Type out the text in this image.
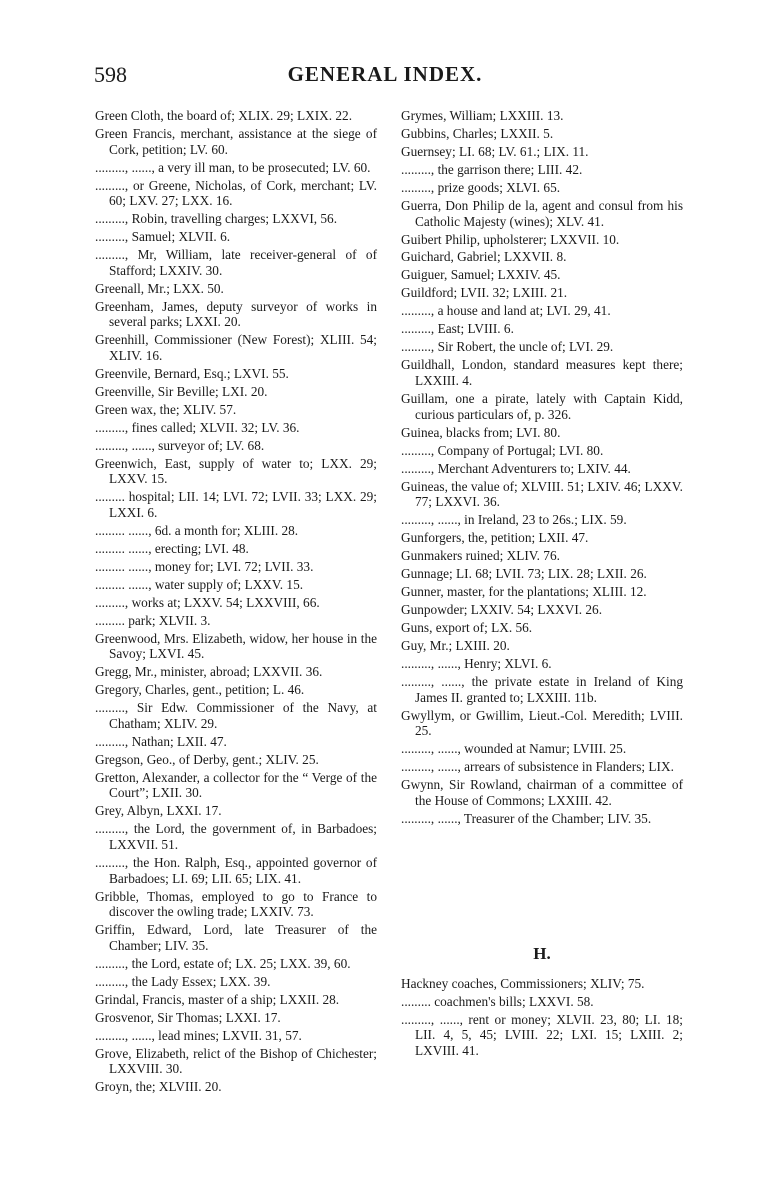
598	GENERAL INDEX.

Green Cloth, the board of; XLIX. 29; LXIX. 22.

Green Francis, merchant, assistance at the siege of Cork, petition; LV. 60.

........., ......, a very ill man, to be prosecuted; LV. 60.

........., or Greene, Nicholas, of Cork, merchant; LV. 60; LXV. 27; LXX. 16.

........., Robin, travelling charges; LXXVI, 56.

........., Samuel; XLVII. 6.

........., Mr, William, late receiver-general of of Stafford; LXXIV. 30.

Greenall, Mr.; LXX. 50.

Greenham, James, deputy surveyor of works in several parks; LXXI. 20.

Greenhill, Commissioner (New Forest); XLIII. 54; XLIV. 16.

Greenvile, Bernard, Esq.; LXVI. 55.

Greenville, Sir Beville; LXI. 20.

Green wax, the; XLIV. 57.

........., fines called; XLVII. 32; LV. 36.

........., ......, surveyor of; LV. 68.

Greenwich, East, supply of water to; LXX. 29; LXXV. 15.

......... hospital; LII. 14; LVI. 72; LVII. 33; LXX. 29; LXXI. 6.

......... ......, 6d. a month for; XLIII. 28.

......... ......, erecting; LVI. 48.

......... ......, money for; LVI. 72; LVII. 33.

......... ......, water supply of; LXXV. 15.

........., works at; LXXV. 54; LXXVIII, 66.

......... park; XLVII. 3.

Greenwood, Mrs. Elizabeth, widow, her house in the Savoy; LXVI. 45.

Gregg, Mr., minister, abroad; LXXVII. 36.

Gregory, Charles, gent., petition; L. 46.

........., Sir Edw. Commissioner of the Navy, at Chatham; XLIV. 29.

........., Nathan; LXII. 47.

Gregson, Geo., of Derby, gent.; XLIV. 25.

Gretton, Alexander, a collector for the “ Verge of the Court”; LXII. 30.

Grey, Albyn, LXXI. 17.

........., the Lord, the government of, in Barbadoes; LXXVII. 51.

........., the Hon. Ralph, Esq., appointed governor of Barbadoes; LI. 69; LII. 65; LIX. 41.

Gribble, Thomas, employed to go to France to discover the owling trade; LXXIV. 73.

Griffin, Edward, Lord, late Treasurer of the Chamber; LIV. 35.

........., the Lord, estate of; LX. 25; LXX. 39, 60.

........., the Lady Essex; LXX. 39.

Grindal, Francis, master of a ship; LXXII. 28.

Grosvenor, Sir Thomas; LXXI. 17.

........., ......, lead mines; LXVII. 31, 57.

Grove, Elizabeth, relict of the Bishop of Chichester; LXXVIII. 30.

Groyn, the; XLVIII. 20.

Grymes, William; LXXIII. 13.

Gubbins, Charles; LXXII. 5.

Guernsey; LI. 68; LV. 61.; LIX. 11.

........., the garrison there; LIII. 42.

........., prize goods; XLVI. 65.

Guerra, Don Philip de la, agent and consul from his Catholic Majesty (wines); XLV. 41.

Guibert Philip, upholsterer; LXXVII. 10.

Guichard, Gabriel; LXXVII. 8.

Guiguer, Samuel; LXXIV. 45.

Guildford; LVII. 32; LXIII. 21.

........., a house and land at; LVI. 29, 41.

........., East; LVIII. 6.

........., Sir Robert, the uncle of; LVI. 29.

Guildhall, London, standard measures kept there; LXXIII. 4.

Guillam, one a pirate, lately with Captain Kidd, curious particulars of, p. 326.

Guinea, blacks from; LVI. 80.

........., Company of Portugal; LVI. 80.

........., Merchant Adventurers to; LXIV. 44.

Guineas, the value of; XLVIII. 51; LXIV. 46; LXXV. 77; LXXVI. 36.

........., ......, in Ireland, 23 to 26s.; LIX. 59.

Gunforgers, the, petition; LXII. 47.

Gunmakers ruined; XLIV. 76.

Gunnage; LI. 68; LVII. 73; LIX. 28; LXII. 26.

Gunner, master, for the plantations; XLIII. 12.

Gunpowder; LXXIV. 54; LXXVI. 26.

Guns, export of; LX. 56.

Guy, Mr.; LXIII. 20.

........., ......, Henry; XLVI. 6.

........., ......, the private estate in Ireland of King James II. granted to; LXXIII. 11b.

Gwyllym, or Gwillim, Lieut.-Col. Meredith; LVIII. 25.

........., ......, wounded at Namur; LVIII. 25.

........., ......, arrears of subsistence in Flanders; LIX.

Gwynn, Sir Rowland, chairman of a committee of the House of Commons; LXXIII. 42.

........., ......, Treasurer of the Chamber; LIV. 35.

H.

Hackney coaches, Commissioners; XLIV; 75.

......... coachmen's bills; LXXVI. 58.

........., ......, rent or money; XLVII. 23, 80; LI. 18; LII. 4, 5, 45; LVIII. 22; LXI. 15; LXIII. 2; LXVIII. 41.
